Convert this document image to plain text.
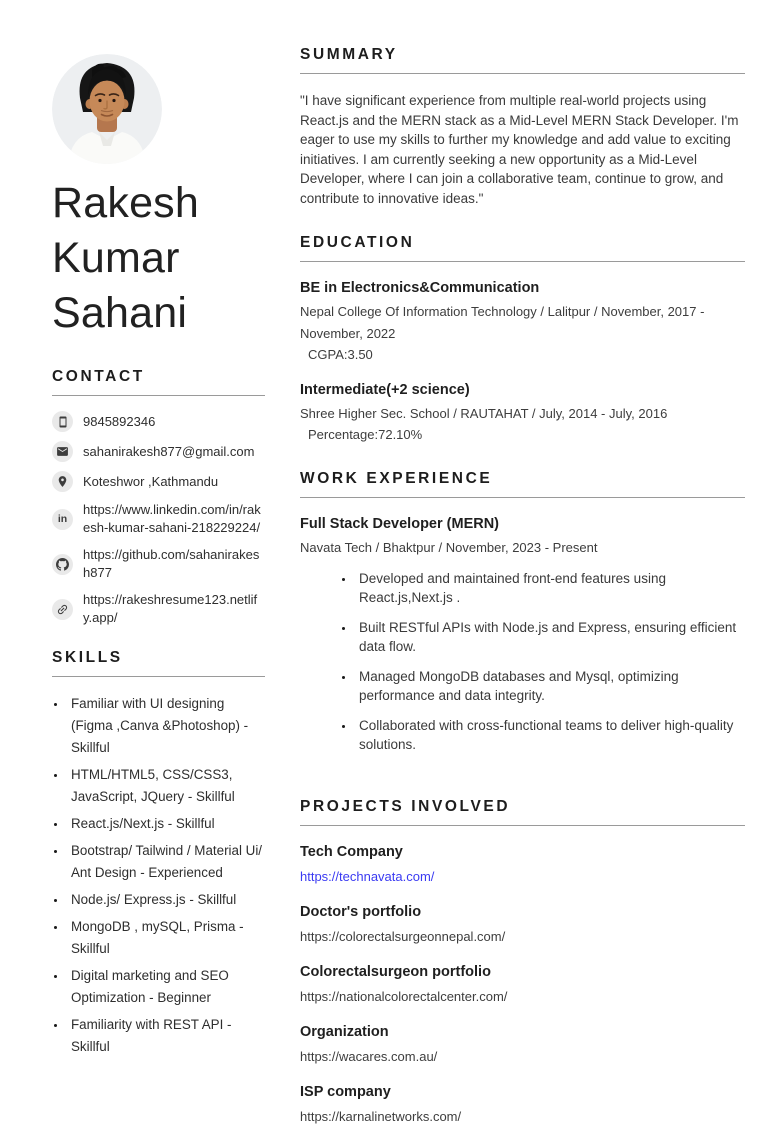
Rakesh Kumar Sahani
CONTACT
9845892346
sahanirakesh877@gmail.com
Koteshwor ,Kathmandu
in
https://www.linkedin.com/in/rakesh-kumar-sahani-218229224/
https://github.com/sahanirakesh877
https://rakeshresume123.netlify.app/
SKILLS
• Familiar with UI designing (Figma ,Canva &Photoshop) - Skillful
• HTML/HTML5, CSS/CSS3, JavaScript, JQuery - Skillful
• React.js/Next.js - Skillful
• Bootstrap/ Tailwind / Material Ui/ Ant Design - Experienced
• Node.js/ Express.js - Skillful
• MongoDB , mySQL, Prisma - Skillful
• Digital marketing and SEO Optimization - Beginner
• Familiarity with REST API - Skillful
SUMMARY
"I have significant experience from multiple real-world projects using React.js and the MERN stack as a Mid-Level MERN Stack Developer. I'm eager to use my skills to further my knowledge and add value to exciting initiatives. I am currently seeking a new opportunity as a Mid-Level Developer, where I can join a collaborative team, continue to grow, and contribute to innovative ideas."
EDUCATION
BE in Electronics&Communication
Nepal College Of Information Technology / Lalitpur / November, 2017 - November, 2022
CGPA:3.50
Intermediate(+2 science)
Shree Higher Sec. School / RAUTAHAT / July, 2014 - July, 2016
Percentage:72.10%
WORK EXPERIENCE
Full Stack Developer (MERN)
Navata Tech / Bhaktpur / November, 2023 - Present
• Developed and maintained front-end features using React.js,Next.js .
• Built RESTful APIs with Node.js and Express, ensuring efficient data flow.
• Managed MongoDB databases and Mysql, optimizing performance and data integrity.
• Collaborated with cross-functional teams to deliver high-quality solutions.
PROJECTS INVOLVED
Tech Company
https://technavata.com/
Doctor's portfolio
https://colorectalsurgeonnepal.com/
Colorectalsurgeon portfolio
https://nationalcolorectalcenter.com/
Organization
https://wacares.com.au/
ISP company
https://karnalinetworks.com/
